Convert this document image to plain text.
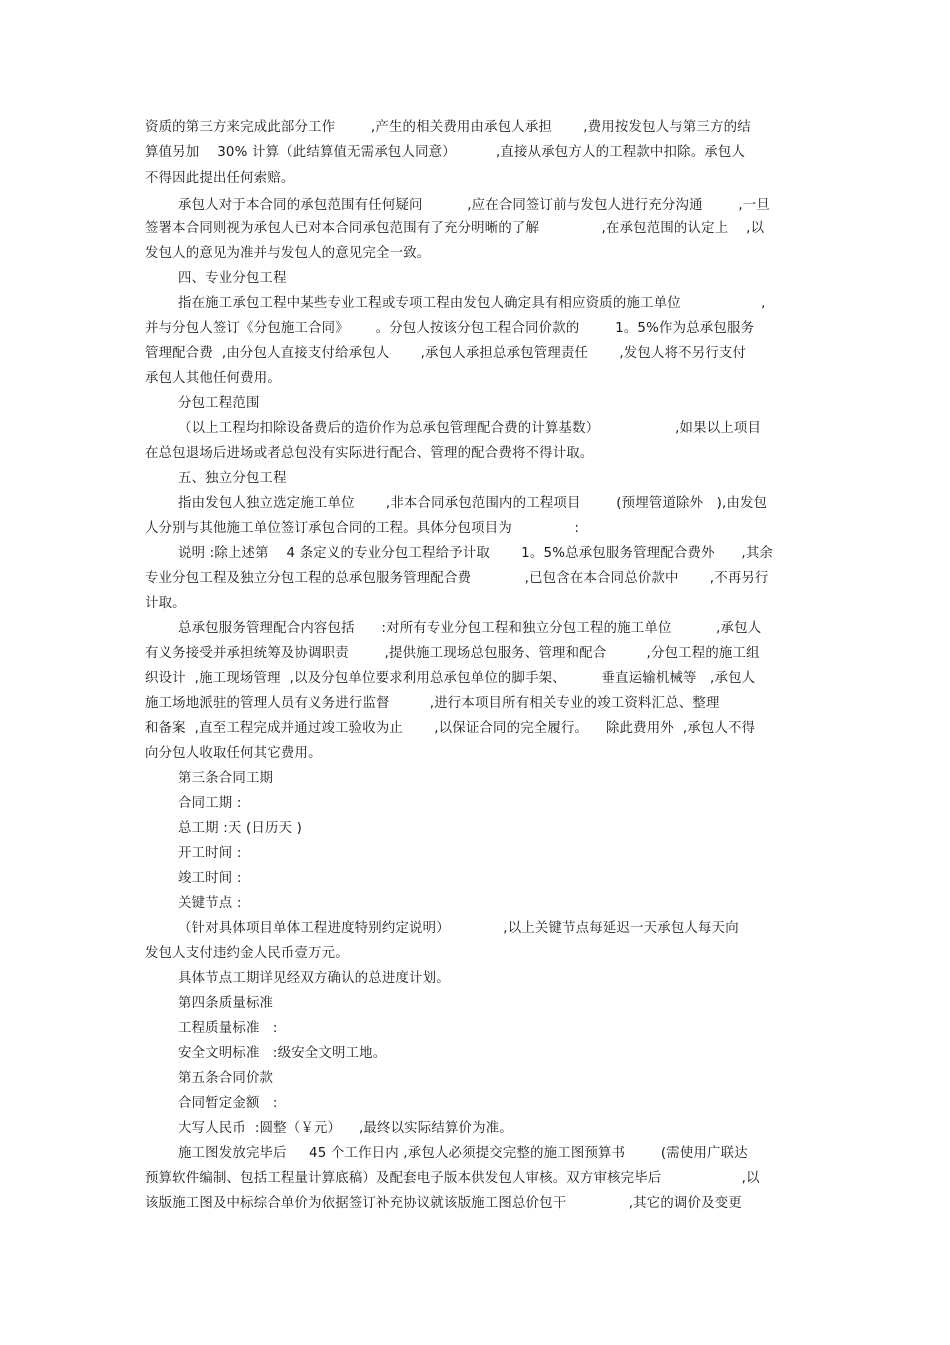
资质的第三方来完成此部分工作        ,产生的相关费用由承包人承担       ,费用按发包人与第三方的结
算值另加    30% 计算（此结算值无需承包人同意）         ,直接从承包方人的工程款中扣除。承包人
不得因此提出任何索赔。
承包人对于本合同的承包范围有任何疑问          ,应在合同签订前与发包人进行充分沟通        ,一旦
签署本合同则视为承包人已对本合同承包范围有了充分明晰的了解              ,在承包范围的认定上    ,以
发包人的意见为准并与发包人的意见完全一致。
四、专业分包工程
指在施工承包工程中某些专业工程或专项工程由发包人确定具有相应资质的施工单位                  ,
并与分包人签订《分包施工合同》      。分包人按该分包工程合同价款的        1。5%作为总承包服务
管理配合费  ,由分包人直接支付给承包人       ,承包人承担总承包管理责任       ,发包人将不另行支付
承包人其他任何费用。
分包工程范围
（以上工程均扣除设备费后的造价作为总承包管理配合费的计算基数）                 ,如果以上项目
在总包退场后进场或者总包没有实际进行配合、管理的配合费将不得计取。
五、独立分包工程
指由发包人独立选定施工单位       ,非本合同承包范围内的工程项目        (预埋管道除外   ),由发包
人分别与其他施工单位签订承包合同的工程。具体分包项目为              :
说明 :除上述第    4 条定义的专业分包工程给予计取       1。5%总承包服务管理配合费外      ,其余
专业分包工程及独立分包工程的总承包服务管理配合费            ,已包含在本合同总价款中       ,不再另行
计取。
总承包服务管理配合内容包括      :对所有专业分包工程和独立分包工程的施工单位          ,承包人
有义务接受并承担统筹及协调职责        ,提供施工现场总包服务、管理和配合         ,分包工程的施工组
织设计  ,施工现场管理  ,以及分包单位要求利用总承包单位的脚手架、        垂直运输机械等   ,承包人
施工场地派驻的管理人员有义务进行监督         ,进行本项目所有相关专业的竣工资料汇总、整理
和备案  ,直至工程完成并通过竣工验收为止       ,以保证合同的完全履行。    除此费用外  ,承包人不得
向分包人收取任何其它费用。
第三条合同工期
合同工期 :
总工期 :天 (日历天 )
开工时间 :
竣工时间 :
关键节点 :
（针对具体项目单体工程进度特别约定说明）            ,以上关键节点每延迟一天承包人每天向
发包人支付违约金人民币壹万元。
具体节点工期详见经双方确认的总进度计划。
第四条质量标准
工程质量标准   :
安全文明标准   :级安全文明工地。
第五条合同价款
合同暂定金额   :
大写人民币  :圆整（￥元）    ,最终以实际结算价为准。
施工图发放完毕后     45 个工作日内 ,承包人必须提交完整的施工图预算书        (需使用广联达
预算软件编制、包括工程量计算底稿）及配套电子版本供发包人审核。双方审核完毕后                  ,以
该版施工图及中标综合单价为依据签订补充协议就该版施工图总价包干              ,其它的调价及变更
